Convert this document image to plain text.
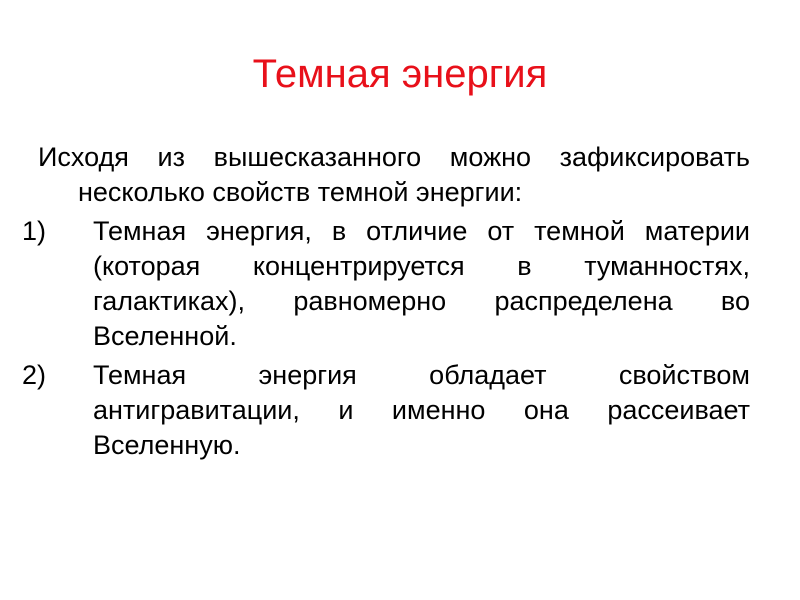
Темная энергия

Исходя из вышесказанного можно зафиксировать несколько свойств темной энергии:

1) Темная энергия, в отличие от темной материи (которая концентрируется в туманностях, галактиках), равномерно распределена во Вселенной.
2) Темная энергия обладает свойством антигравитации, и именно она рассеивает Вселенную.
